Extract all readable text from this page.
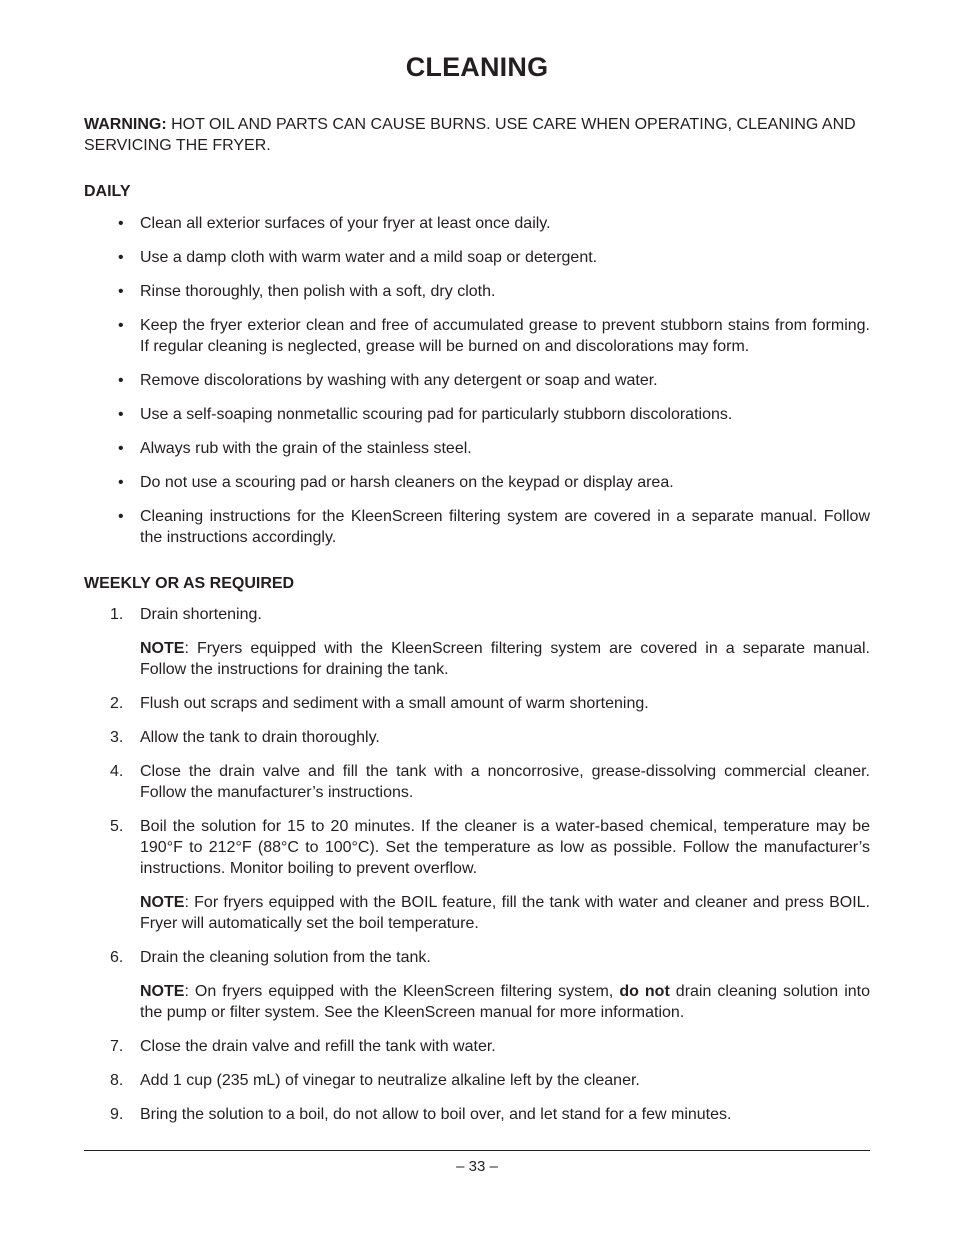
CLEANING

WARNING: HOT OIL AND PARTS CAN CAUSE BURNS. USE CARE WHEN OPERATING, CLEANING AND SERVICING THE FRYER.

DAILY
• Clean all exterior surfaces of your fryer at least once daily.
• Use a damp cloth with warm water and a mild soap or detergent.
• Rinse thoroughly, then polish with a soft, dry cloth.
• Keep the fryer exterior clean and free of accumulated grease to prevent stubborn stains from forming. If regular cleaning is neglected, grease will be burned on and discolorations may form.
• Remove discolorations by washing with any detergent or soap and water.
• Use a self-soaping nonmetallic scouring pad for particularly stubborn discolorations.
• Always rub with the grain of the stainless steel.
• Do not use a scouring pad or harsh cleaners on the keypad or display area.
• Cleaning instructions for the KleenScreen filtering system are covered in a separate manual. Follow the instructions accordingly.
WEEKLY OR AS REQUIRED
1. Drain shortening.

NOTE: Fryers equipped with the KleenScreen filtering system are covered in a separate manual. Follow the instructions for draining the tank.

2. Flush out scraps and sediment with a small amount of warm shortening.
3. Allow the tank to drain thoroughly.
4. Close the drain valve and fill the tank with a noncorrosive, grease-dissolving commercial cleaner. Follow the manufacturer’s instructions.
5. Boil the solution for 15 to 20 minutes. If the cleaner is a water-based chemical, temperature may be 190°F to 212°F (88°C to 100°C). Set the temperature as low as possible. Follow the manufacturer’s instructions. Monitor boiling to prevent overflow.

NOTE: For fryers equipped with the BOIL feature, fill the tank with water and cleaner and press BOIL. Fryer will automatically set the boil temperature.

6. Drain the cleaning solution from the tank.

NOTE: On fryers equipped with the KleenScreen filtering system, do not drain cleaning solution into the pump or filter system. See the KleenScreen manual for more information.

7. Close the drain valve and refill the tank with water.
8. Add 1 cup (235 mL) of vinegar to neutralize alkaline left by the cleaner.
9. Bring the solution to a boil, do not allow to boil over, and let stand for a few minutes.
– 33 –
